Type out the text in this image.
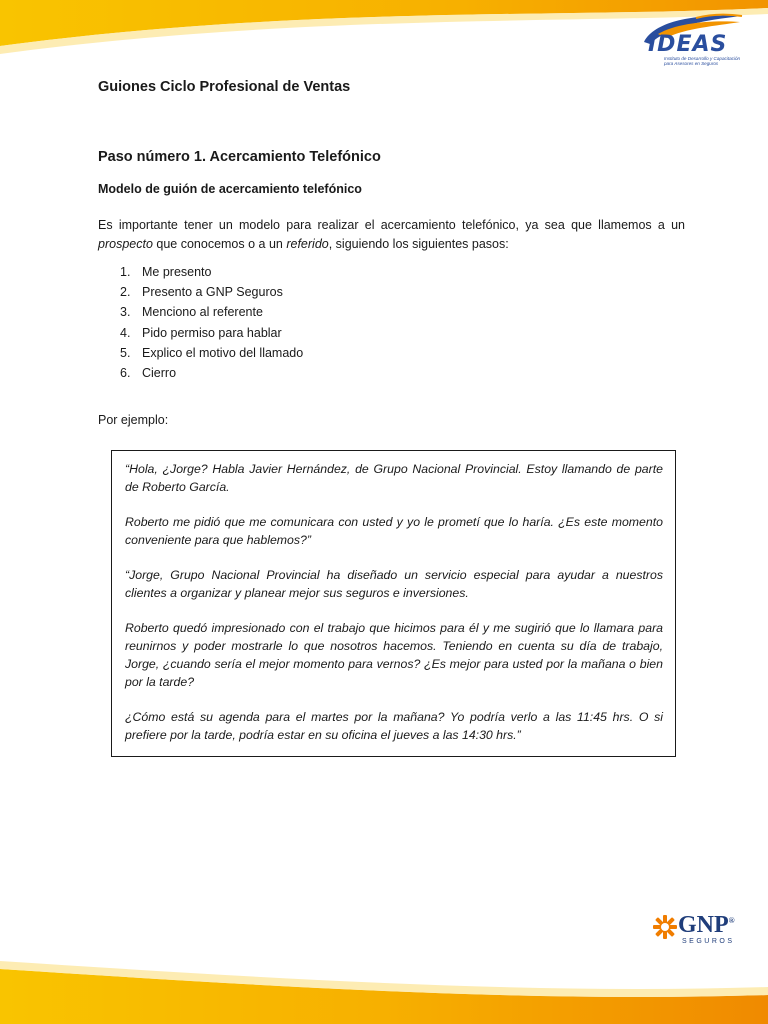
IDEAS
Instituto de Desarrollo y Capacitación para Asesores en Seguros
Guiones Ciclo Profesional de Ventas
Paso número 1. Acercamiento Telefónico
Modelo de guión de acercamiento telefónico

Es importante tener un modelo para realizar el acercamiento telefónico, ya sea que llamemos a un prospecto que conocemos o a un referido, siguiendo los siguientes pasos:

1. Me presento
2. Presento a GNP Seguros
3. Menciono al referente
4. Pido permiso para hablar
5. Explico el motivo del llamado
6. Cierro

Por ejemplo:

“Hola, ¿Jorge? Habla Javier Hernández, de Grupo Nacional Provincial. Estoy llamando de parte de Roberto García.

Roberto me pidió que me comunicara con usted y yo le prometí que lo haría. ¿Es este momento conveniente para que hablemos?”

“Jorge, Grupo Nacional Provincial ha diseñado un servicio especial para ayudar a nuestros clientes a organizar y planear mejor sus seguros e inversiones.

Roberto quedó impresionado con el trabajo que hicimos para él y me sugirió que lo llamara para reunirnos y poder mostrarle lo que nosotros hacemos. Teniendo en cuenta su día de trabajo, Jorge, ¿cuando sería el mejor momento para vernos? ¿Es mejor para usted por la mañana o bien por la tarde?

¿Cómo está su agenda para el martes por la mañana? Yo podría verlo a las 11:45 hrs. O si prefiere por la tarde, podría estar en su oficina el jueves a las 14:30 hrs.”

GNP®
SEGUROS
